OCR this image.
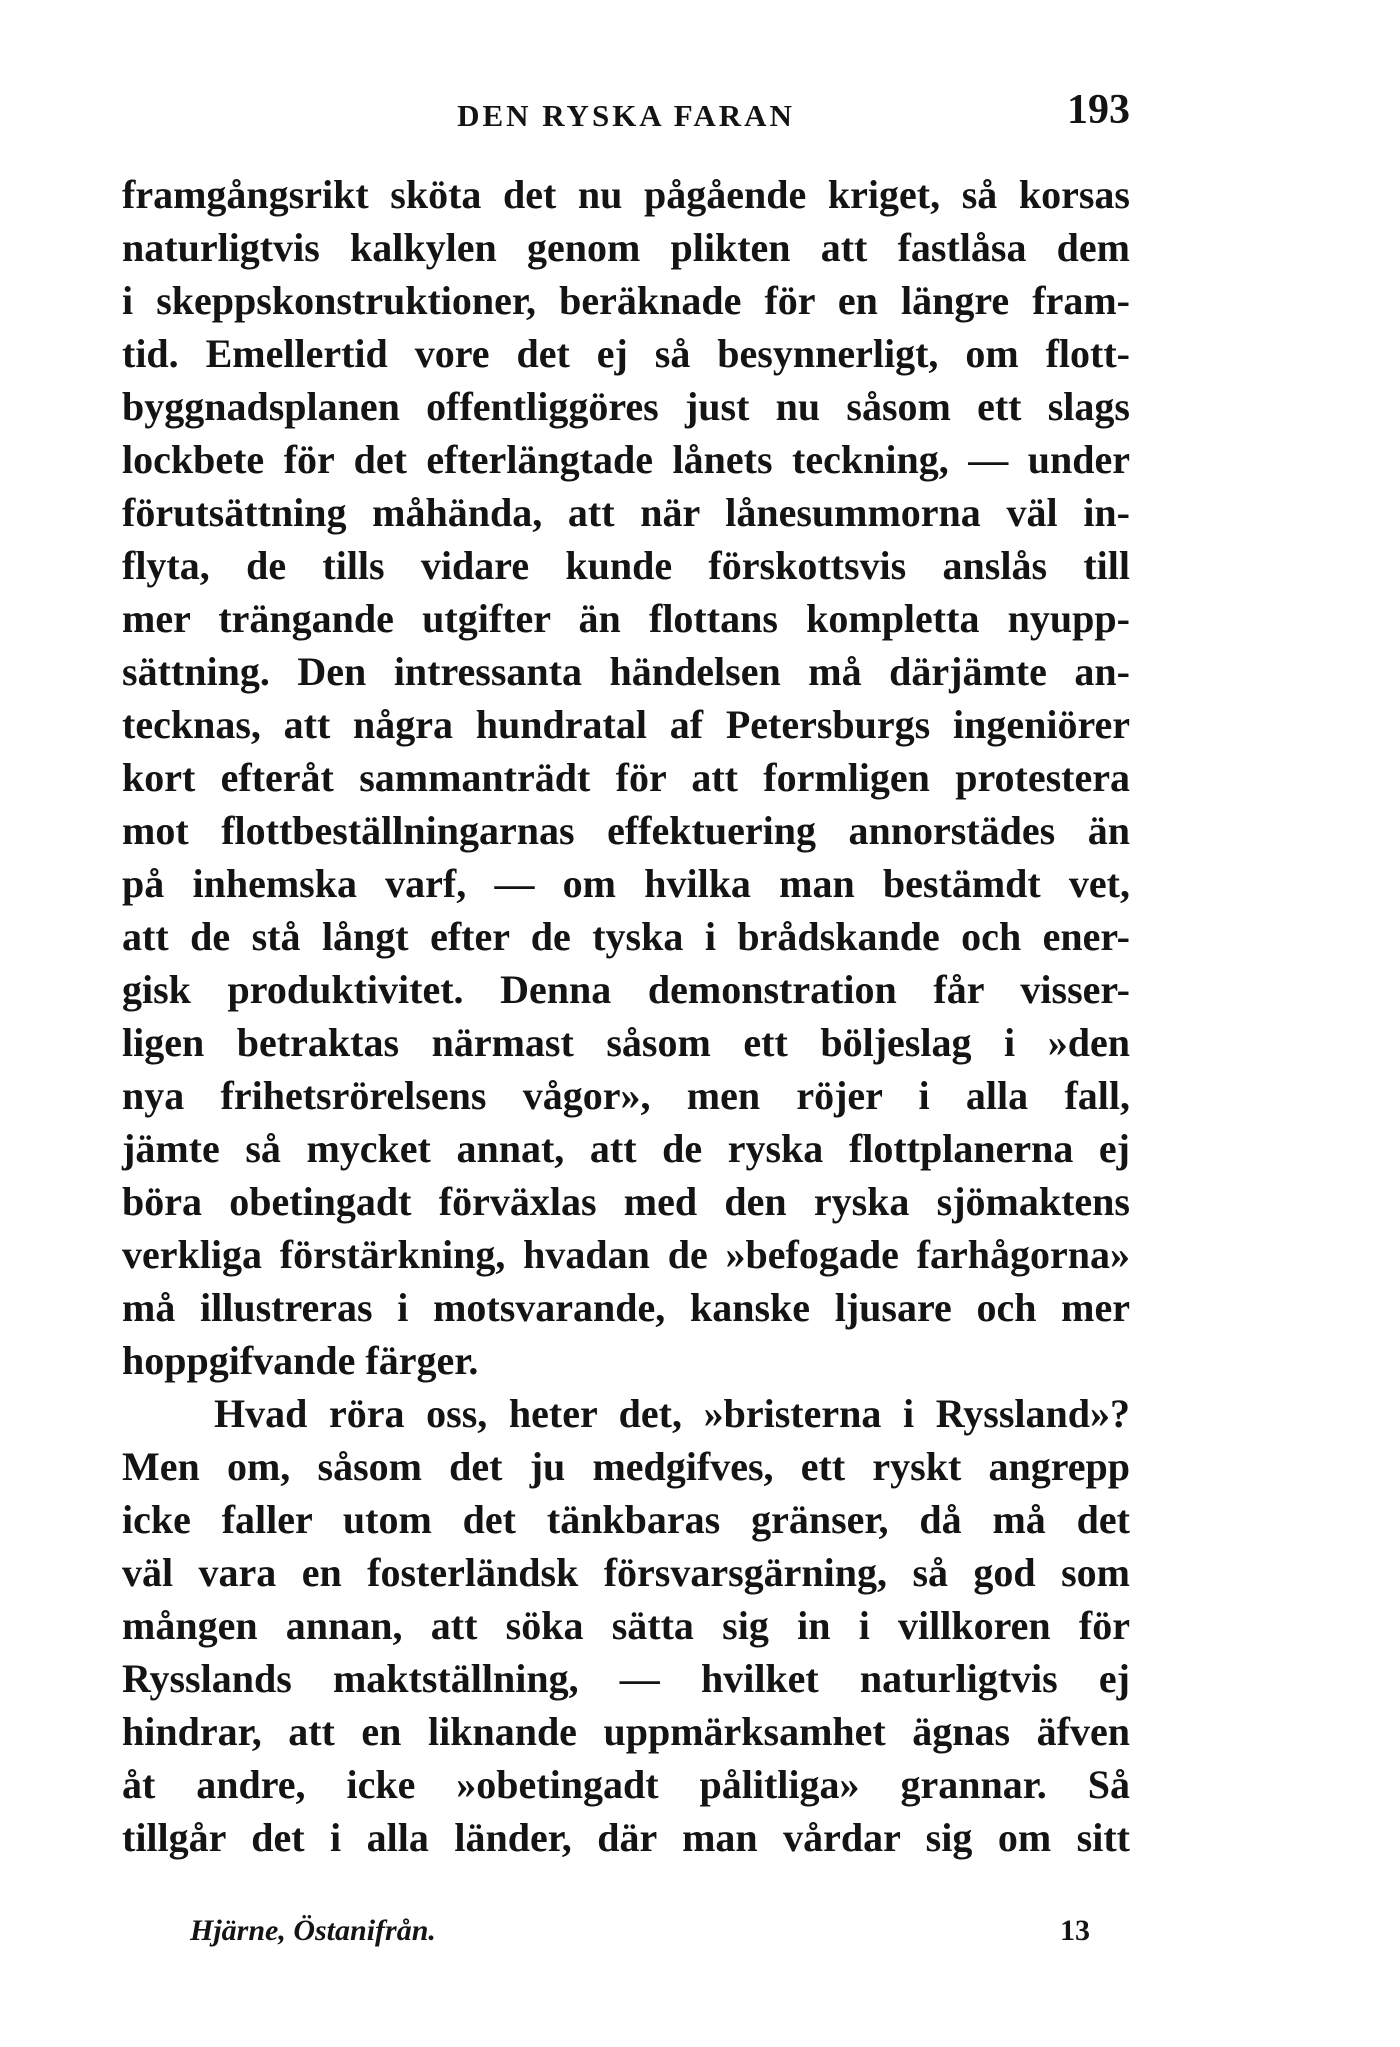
DEN RYSKA FARAN	193
framgångsrikt sköta det nu pågående kriget, så korsas
naturligtvis kalkylen genom plikten att fastlåsa dem
i skeppskonstruktioner, beräknade för en längre fram-
tid. Emellertid vore det ej så besynnerligt, om flott-
byggnadsplanen offentliggöres just nu såsom ett slags
lockbete för det efterlängtade lånets teckning, — under
förutsättning måhända, att när lånesummorna väl in-
flyta, de tills vidare kunde förskottsvis anslås till
mer trängande utgifter än flottans kompletta nyupp-
sättning. Den intressanta händelsen må därjämte an-
tecknas, att några hundratal af Petersburgs ingeniörer
kort efteråt sammanträdt för att formligen protestera
mot flottbeställningarnas effektuering annorstädes än
på inhemska varf, — om hvilka man bestämdt vet,
att de stå långt efter de tyska i brådskande och ener-
gisk produktivitet. Denna demonstration får visser-
ligen betraktas närmast såsom ett böljeslag i »den
nya frihetsrörelsens vågor», men röjer i alla fall,
jämte så mycket annat, att de ryska flottplanerna ej
böra obetingadt förväxlas med den ryska sjömaktens
verkliga förstärkning, hvadan de »befogade farhågorna»
må illustreras i motsvarande, kanske ljusare och mer
hoppgifvande färger.
Hvad röra oss, heter det, »bristerna i Ryssland»?
Men om, såsom det ju medgifves, ett ryskt angrepp
icke faller utom det tänkbaras gränser, då må det
väl vara en fosterländsk försvarsgärning, så god som
mången annan, att söka sätta sig in i villkoren för
Rysslands maktställning, — hvilket naturligtvis ej
hindrar, att en liknande uppmärksamhet ägnas äfven
åt andre, icke »obetingadt pålitliga» grannar. Så
tillgår det i alla länder, där man vårdar sig om sitt
Hjärne, Östanifrån.	13
